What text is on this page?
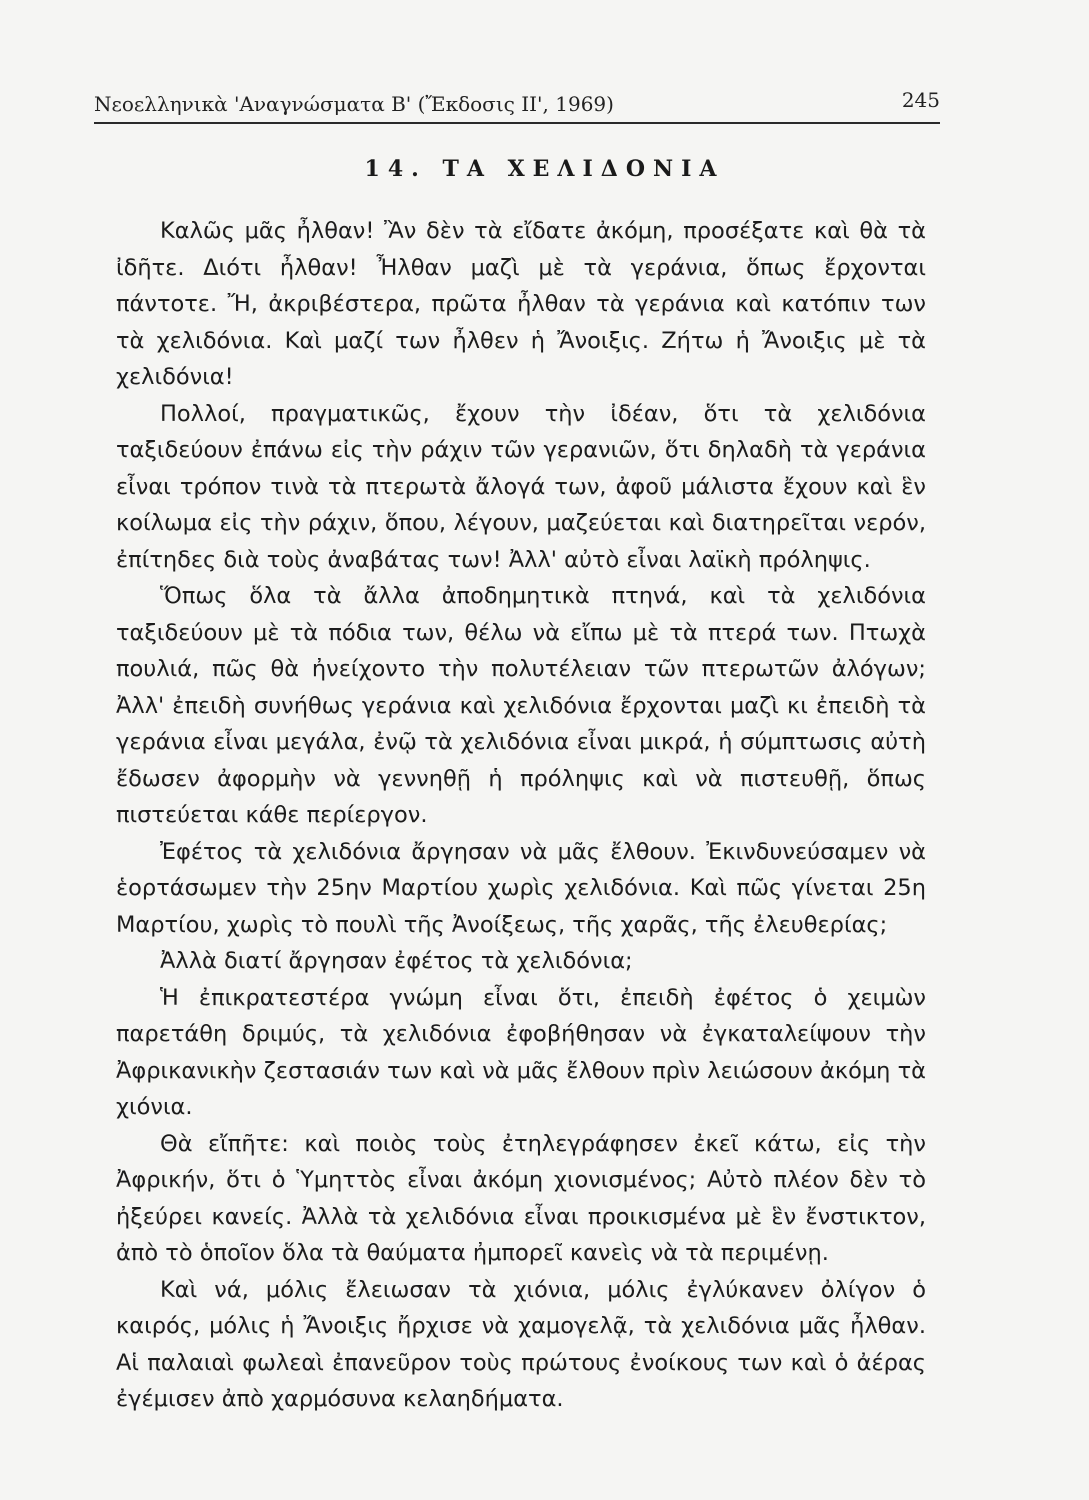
Νεοελληνικὰ 'Αναγνώσματα Β' (Ἔκδοσις ΙΙ', 1969)	245
14. ΤΑ ΧΕΛΙΔΟΝΙΑ

Καλῶς μᾶς ἦλθαν! Ἂν δὲν τὰ εἴδατε ἀκόμη, προσέξατε καὶ θὰ τὰ ἰδῆτε. Διότι ἦλθαν! Ἦλθαν μαζὶ μὲ τὰ γεράνια, ὅπως ἔρχονται πάντοτε. Ἤ, ἀκριβέστερα, πρῶτα ἦλθαν τὰ γεράνια καὶ κατόπιν των τὰ χελιδόνια. Καὶ μαζί των ἦλθεν ἡ Ἄνοιξις. Ζήτω ἡ Ἄνοιξις μὲ τὰ χελιδόνια!

Πολλοί, πραγματικῶς, ἔχουν τὴν ἰδέαν, ὅτι τὰ χελιδόνια ταξιδεύουν ἐπάνω εἰς τὴν ράχιν τῶν γερανιῶν, ὅτι δηλαδὴ τὰ γεράνια εἶναι τρόπον τινὰ τὰ πτερωτὰ ἄλογά των, ἀφοῦ μάλιστα ἔχουν καὶ ἓν κοίλωμα εἰς τὴν ράχιν, ὅπου, λέγουν, μαζεύεται καὶ διατηρεῖται νερόν, ἐπίτηδες διὰ τοὺς ἀναβάτας των! Ἀλλ' αὐτὸ εἶναι λαϊκὴ πρόληψις.

Ὅπως ὅλα τὰ ἄλλα ἀποδημητικὰ πτηνά, καὶ τὰ χελιδόνια ταξιδεύουν μὲ τὰ πόδια των, θέλω νὰ εἴπω μὲ τὰ πτερά των. Πτωχὰ πουλιά, πῶς θὰ ἠνείχοντο τὴν πολυτέλειαν τῶν πτερωτῶν ἀλόγων; Ἀλλ' ἐπειδὴ συνήθως γεράνια καὶ χελιδόνια ἔρχονται μαζὶ κι ἐπειδὴ τὰ γεράνια εἶναι μεγάλα, ἐνῷ τὰ χελιδόνια εἶναι μικρά, ἡ σύμπτωσις αὐτὴ ἔδωσεν ἀφορμὴν νὰ γεννηθῇ ἡ πρόληψις καὶ νὰ πιστευθῇ, ὅπως πιστεύεται κάθε περίεργον.

Ἐφέτος τὰ χελιδόνια ἄργησαν νὰ μᾶς ἔλθουν. Ἐκινδυνεύσαμεν νὰ ἑορτάσωμεν τὴν 25ην Μαρτίου χωρὶς χελιδόνια. Καὶ πῶς γίνεται 25η Μαρτίου, χωρὶς τὸ πουλὶ τῆς Ἀνοίξεως, τῆς χαρᾶς, τῆς ἐλευθερίας;

Ἀλλὰ διατί ἄργησαν ἐφέτος τὰ χελιδόνια;

Ἡ ἐπικρατεστέρα γνώμη εἶναι ὅτι, ἐπειδὴ ἐφέτος ὁ χειμὼν παρετάθη δριμύς, τὰ χελιδόνια ἐφοβήθησαν νὰ ἐγκαταλείψουν τὴν Ἀφρικανικὴν ζεστασιάν των καὶ νὰ μᾶς ἔλθουν πρὶν λειώσουν ἀκόμη τὰ χιόνια.

Θὰ εἴπῆτε: καὶ ποιὸς τοὺς ἐτηλεγράφησεν ἐκεῖ κάτω, εἰς τὴν Ἀφρικήν, ὅτι ὁ Ὑμηττὸς εἶναι ἀκόμη χιονισμένος; Αὐτὸ πλέον δὲν τὸ ἠξεύρει κανείς. Ἀλλὰ τὰ χελιδόνια εἶναι προικισμένα μὲ ἓν ἔνστικτον, ἀπὸ τὸ ὁποῖον ὅλα τὰ θαύματα ἠμπορεῖ κανεὶς νὰ τὰ περιμένῃ.

Καὶ νά, μόλις ἔλειωσαν τὰ χιόνια, μόλις ἐγλύκανεν ὀλίγον ὁ καιρός, μόλις ἡ Ἄνοιξις ἤρχισε νὰ χαμογελᾷ, τὰ χελιδόνια μᾶς ἦλθαν. Αἱ παλαιαὶ φωλεαὶ ἐπανεῦρον τοὺς πρώτους ἐνοίκους των καὶ ὁ ἀέρας ἐγέμισεν ἀπὸ χαρμόσυνα κελαηδήματα.
